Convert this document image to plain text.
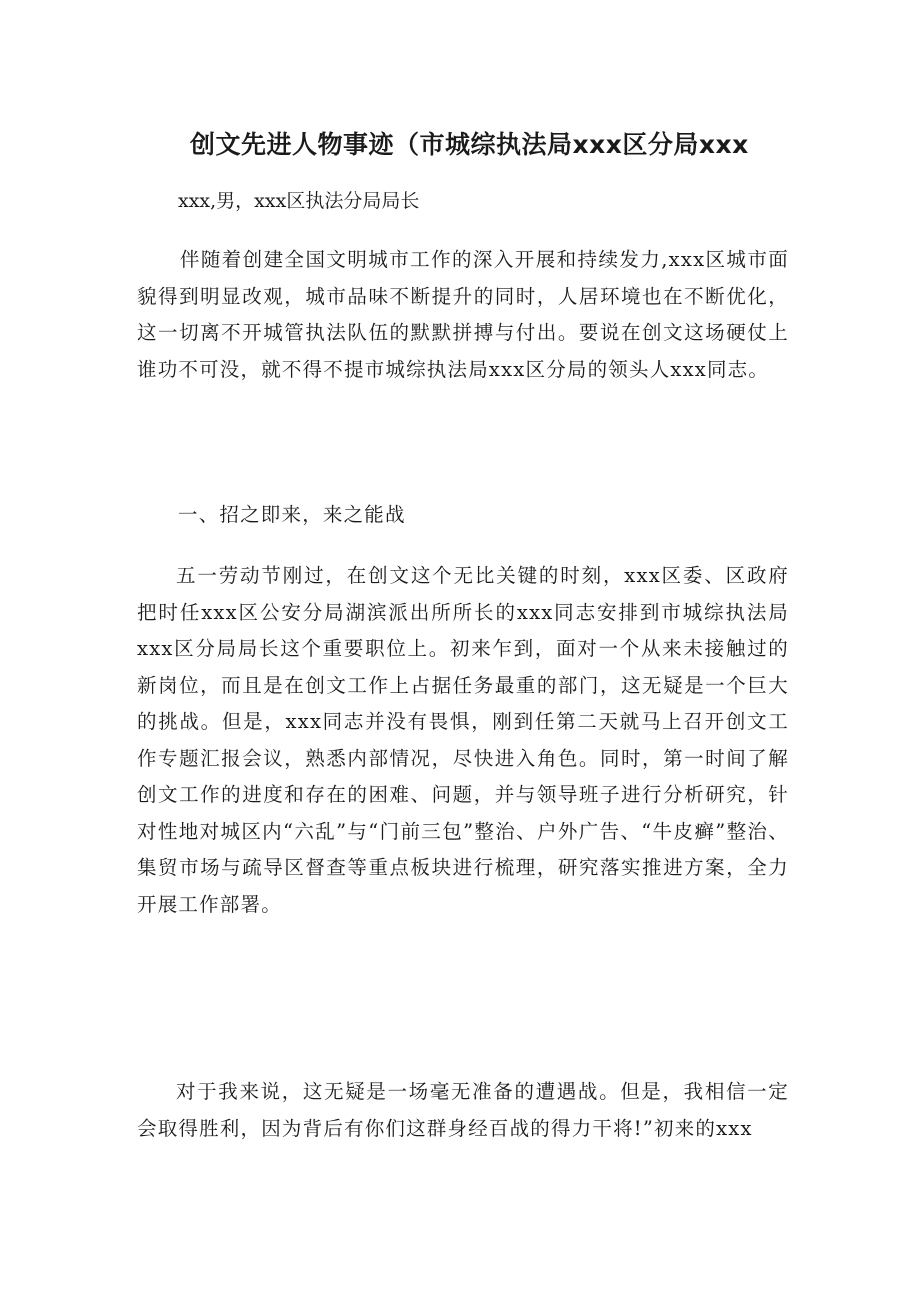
创文先进人物事迹（市城综执法局xxx区分局xxx
xxx,男，xxx区执法分局局长

伴随着创建全国文明城市工作的深入开展和持续发力,xxx区城市面貌得到明显改观，城市品味不断提升的同时，人居环境也在不断优化，这一切离不开城管执法队伍的默默拼搏与付出。要说在创文这场硬仗上谁功不可没，就不得不提市城综执法局xxx区分局的领头人xxx同志。

一、招之即来，来之能战

五一劳动节刚过，在创文这个无比关键的时刻，xxx区委、区政府把时任xxx区公安分局湖滨派出所所长的xxx同志安排到市城综执法局xxx区分局局长这个重要职位上。初来乍到，面对一个从来未接触过的新岗位，而且是在创文工作上占据任务最重的部门，这无疑是一个巨大的挑战。但是，xxx同志并没有畏惧，刚到任第二天就马上召开创文工作专题汇报会议，熟悉内部情况，尽快进入角色。同时，第一时间了解创文工作的进度和存在的困难、问题，并与领导班子进行分析研究，针对性地对城区内“六乱”与“门前三包”整治、户外广告、“牛皮癣”整治、集贸市场与疏导区督查等重点板块进行梳理，研究落实推进方案，全力开展工作部署。

对于我来说，这无疑是一场毫无准备的遭遇战。但是，我相信一定会取得胜利，因为背后有你们这群身经百战的得力干将!”初来的xxx
